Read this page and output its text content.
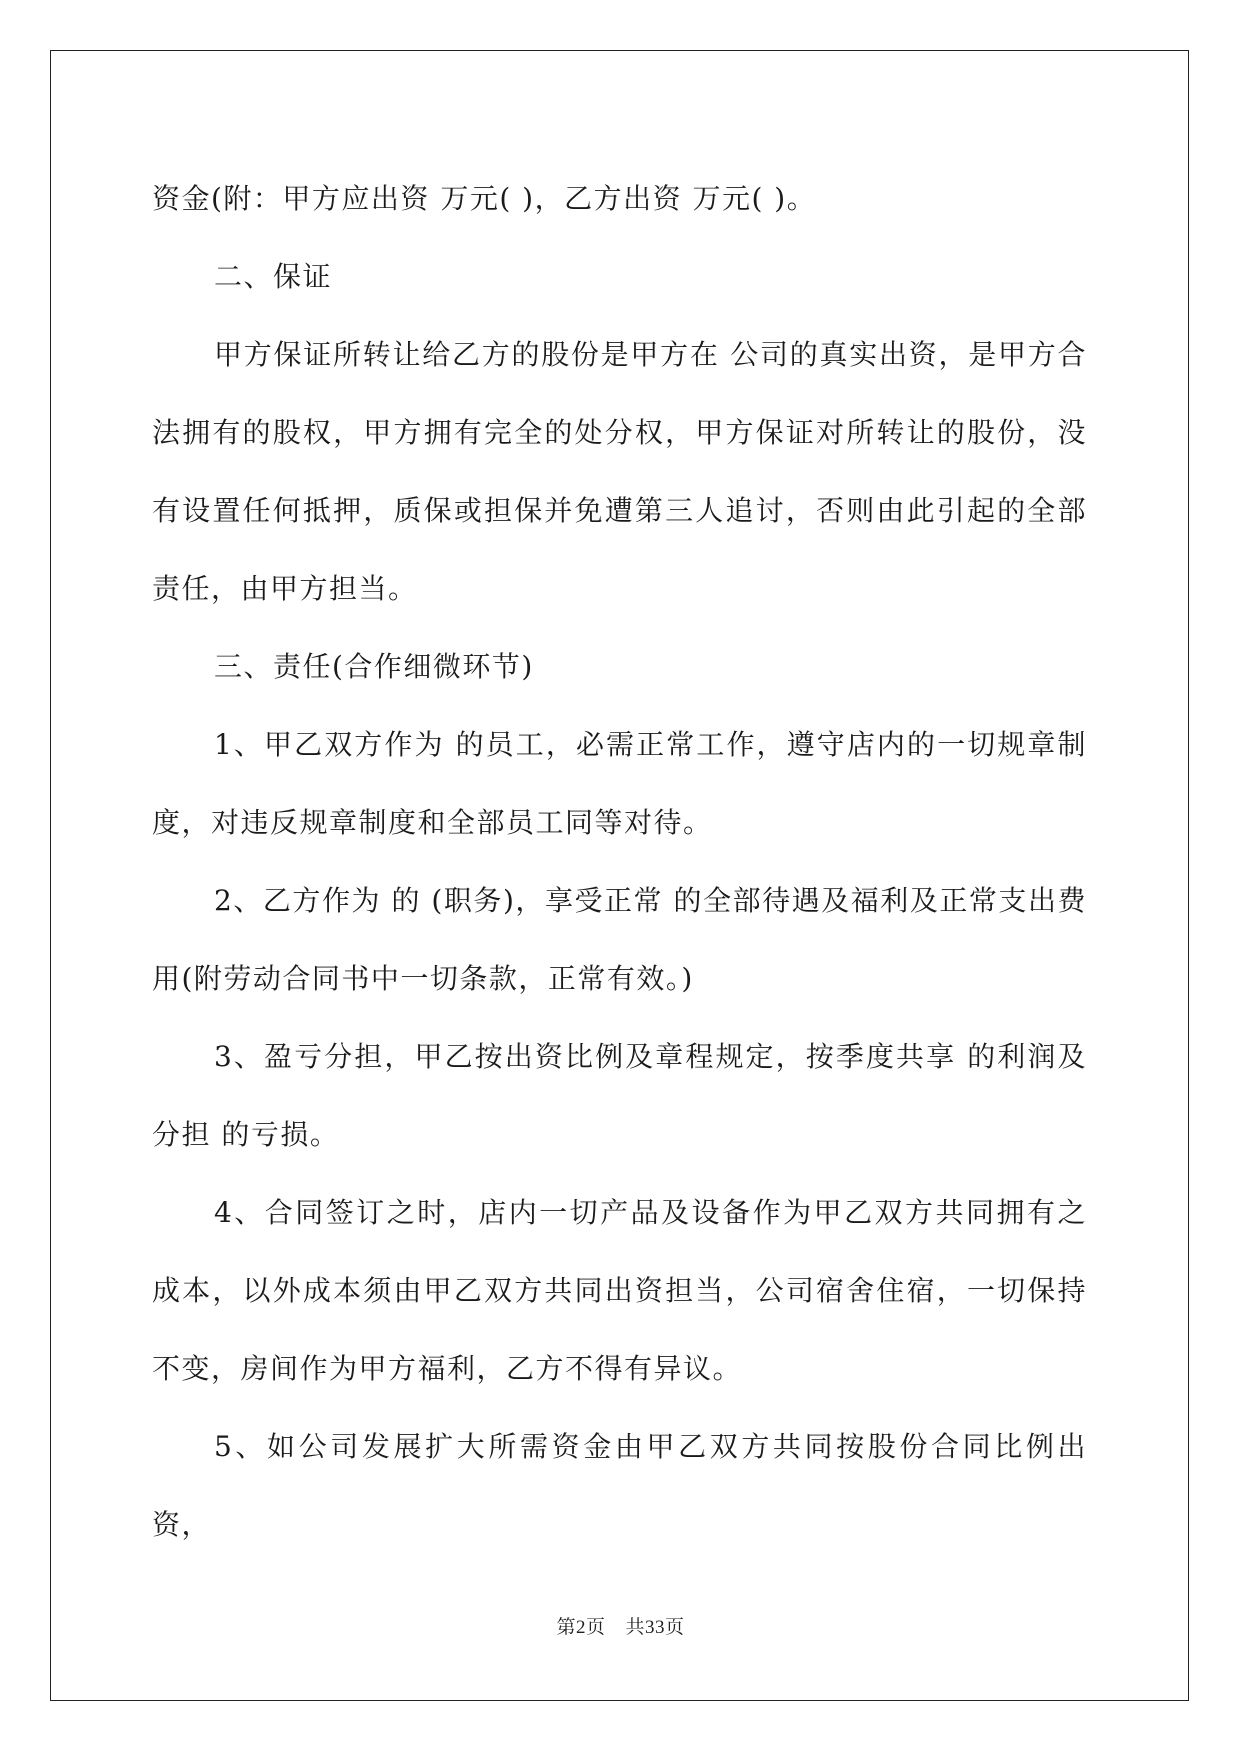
资金(附：甲方应出资 万元( )，乙方出资 万元( )。

二、保证

甲方保证所转让给乙方的股份是甲方在 公司的真实出资，是甲方合法拥有的股权，甲方拥有完全的处分权，甲方保证对所转让的股份，没有设置任何抵押，质保或担保并免遭第三人追讨，否则由此引起的全部责任，由甲方担当。

三、责任(合作细微环节)

1、甲乙双方作为 的员工，必需正常工作，遵守店内的一切规章制度，对违反规章制度和全部员工同等对待。

2、乙方作为 的 (职务)，享受正常 的全部待遇及福利及正常支出费用(附劳动合同书中一切条款，正常有效。)

3、盈亏分担，甲乙按出资比例及章程规定，按季度共享 的利润及分担 的亏损。

4、合同签订之时，店内一切产品及设备作为甲乙双方共同拥有之成本，以外成本须由甲乙双方共同出资担当，公司宿舍住宿，一切保持不变，房间作为甲方福利，乙方不得有异议。

5、如公司发展扩大所需资金由甲乙双方共同按股份合同比例出资，

第2页 共33页
